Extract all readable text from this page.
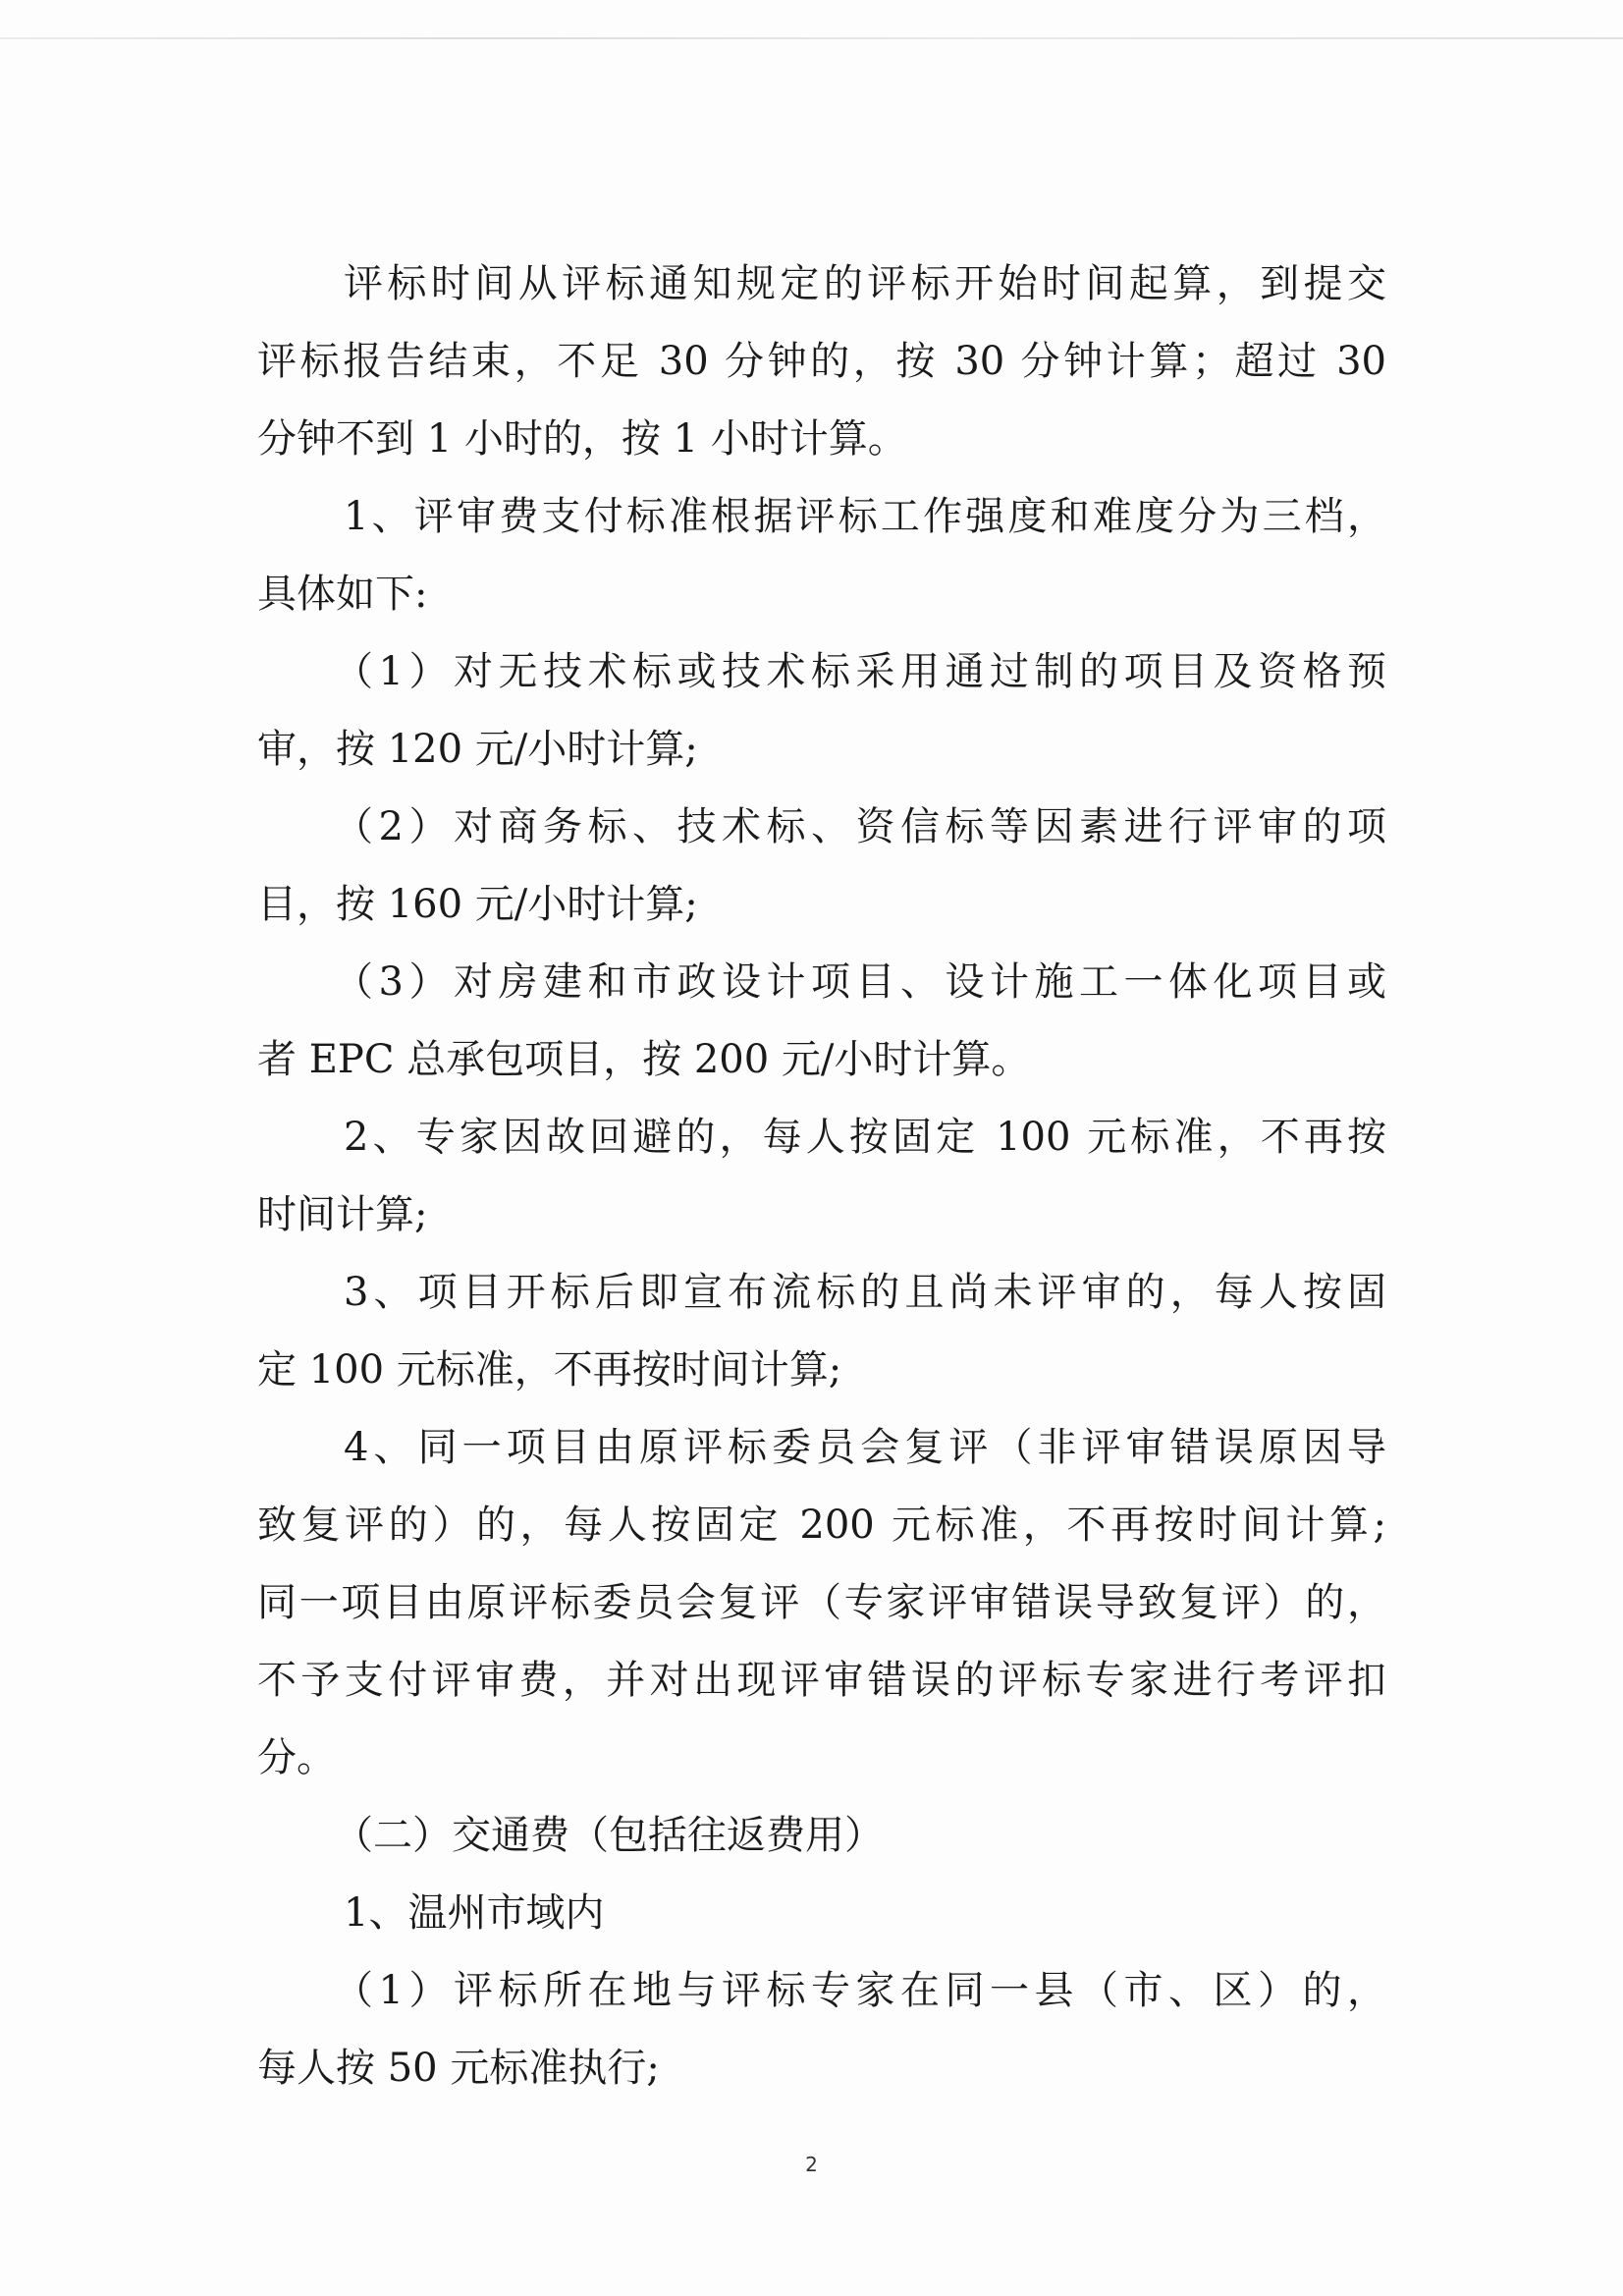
评标时间从评标通知规定的评标开始时间起算，到提交
评标报告结束，不足 30 分钟的，按 30 分钟计算；超过 30
分钟不到 1 小时的，按 1 小时计算。
1、评审费支付标准根据评标工作强度和难度分为三档，
具体如下:
（1）对无技术标或技术标采用通过制的项目及资格预
审，按 120 元/小时计算;
（2）对商务标、技术标、资信标等因素进行评审的项
目，按 160 元/小时计算;
（3）对房建和市政设计项目、设计施工一体化项目或
者 EPC 总承包项目，按 200 元/小时计算。
2、专家因故回避的，每人按固定 100 元标准，不再按
时间计算;
3、项目开标后即宣布流标的且尚未评审的，每人按固
定 100 元标准，不再按时间计算;
4、同一项目由原评标委员会复评（非评审错误原因导
致复评的）的，每人按固定 200 元标准，不再按时间计算;
同一项目由原评标委员会复评（专家评审错误导致复评）的，
不予支付评审费，并对出现评审错误的评标专家进行考评扣
分。
（二）交通费（包括往返费用）
1、温州市域内
（1）评标所在地与评标专家在同一县（市、区）的，
每人按 50 元标准执行;
2
